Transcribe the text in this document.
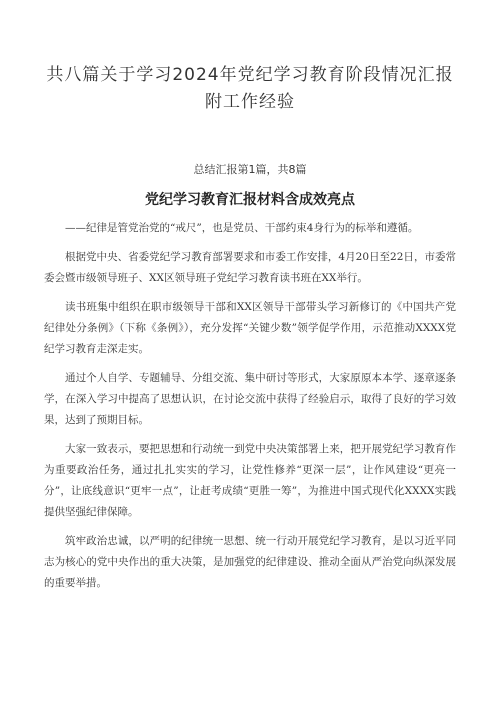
共八篇关于学习2024年党纪学习教育阶段情况汇报
附工作经验
总结汇报第1篇，共8篇
党纪学习教育汇报材料含成效亮点

——纪律是管党治党的“戒尺”，也是党员、干部约束4身行为的标举和遵循。

根据党中央、省委党纪学习教育部署要求和市委工作安排，4月20日至22日，市委常委会暨市级领导班子、XX区领导班子党纪学习教育读书班在XX举行。

读书班集中组织在职市级领导干部和XX区领导干部带头学习新修订的《中国共产党纪律处分条例》（下称《条例》），充分发挥“关键少数”领学促学作用，示范推动XXXX党纪学习教育走深走实。

通过个人自学、专题辅导、分组交流、集中研讨等形式，大家原原本本学、逐章逐条学，在深入学习中提高了思想认识，在讨论交流中获得了经验启示，取得了良好的学习效果，达到了预期目标。

大家一致表示，要把思想和行动统一到党中央决策部署上来，把开展党纪学习教育作为重要政治任务，通过扎扎实实的学习，让党性修养“更深一层”，让作风建设“更亮一分”，让底线意识“更牢一点”，让赶考成绩“更胜一筹”，为推进中国式现代化XXXX实践提供坚强纪律保障。

筑牢政治忠诚，以严明的纪律统一思想、统一行动开展党纪学习教育，是以习近平同志为核心的党中央作出的重大决策，是加强党的纪律建设、推动全面从严治党向纵深发展的重要举措。
